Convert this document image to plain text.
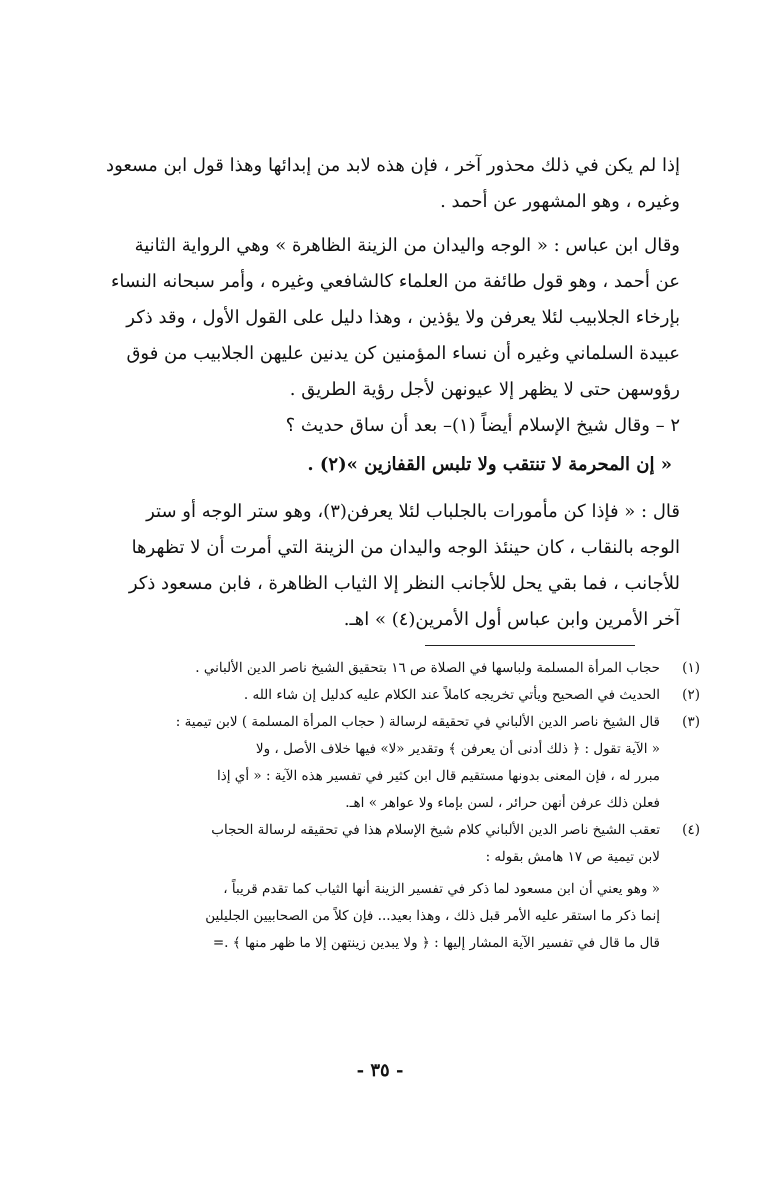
إذا لم يكن في ذلك محذور آخر ، فإن هذه لابد من إبدائها وهذا قول ابن مسعود
وغيره ، وهو المشهور عن أحمد .
وقال ابن عباس : « الوجه واليدان من الزينة الظاهرة » وهي الرواية الثانية
عن أحمد ، وهو قول طائفة من العلماء كالشافعي وغيره ، وأمر سبحانه النساء
بإرخاء الجلابيب لئلا يعرفن ولا يؤذين ، وهذا دليل على القول الأول ، وقد ذكر
عبيدة السلماني وغيره أن نساء المؤمنين كن يدنين عليهن الجلابيب من فوق
رؤوسهن حتى لا يظهر إلا عيونهن لأجل رؤية الطريق .
٢ – وقال شيخ الإسلام أيضاً (١)– بعد أن ساق حديث ؟
« إن المحرمة لا تنتقب ولا تلبس القفازين »(٢) .
قال : « فإذا كن مأمورات بالجلباب لئلا يعرفن(٣)، وهو ستر الوجه أو ستر
الوجه بالنقاب ، كان حينئذ الوجه واليدان من الزينة التي أمرت أن لا تظهرها
للأجانب ، فما بقي يحل للأجانب النظر إلا الثياب الظاهرة ، فابن مسعود ذكر
آخر الأمرين وابن عباس أول الأمرين(٤) » اهـ.
(١)
حجاب المرأة المسلمة ولباسها في الصلاة ص ١٦ بتحقيق الشيخ ناصر الدين الألباني .
(٢)
الحديث في الصحيح ويأتي تخريجه كاملاً عند الكلام عليه كدليل إن شاء الله .
(٣)
قال الشيخ ناصر الدين الألباني في تحقيقه لرسالة ( حجاب المرأة المسلمة ) لابن تيمية :
« الآية تقول : ﴿ ذلك أدنى أن يعرفن ﴾ وتقدير «لا» فيها خلاف الأصل ، ولا
مبرر له ، فإن المعنى بدونها مستقيم قال ابن كثير في تفسير هذه الآية : « أي إذا
فعلن ذلك عرفن أنهن حرائر ، لسن بإماء ولا عواهر » اهـ.
(٤)
تعقب الشيخ ناصر الدين الألباني كلام شيخ الإسلام هذا في تحقيقه لرسالة الحجاب
لابن تيمية ص ١٧ هامش بقوله :
« وهو يعني أن ابن مسعود لما ذكر في تفسير الزينة أنها الثياب كما تقدم قريباً ،
إنما ذكر ما استقر عليه الأمر قبل ذلك ، وهذا بعيد... فإن كلاً من الصحابيين الجليلين
قال ما قال في تفسير الآية المشار إليها : ﴿ ولا يبدين زينتهن إلا ما ظهر منها ﴾ .=
- ٣٥ -
